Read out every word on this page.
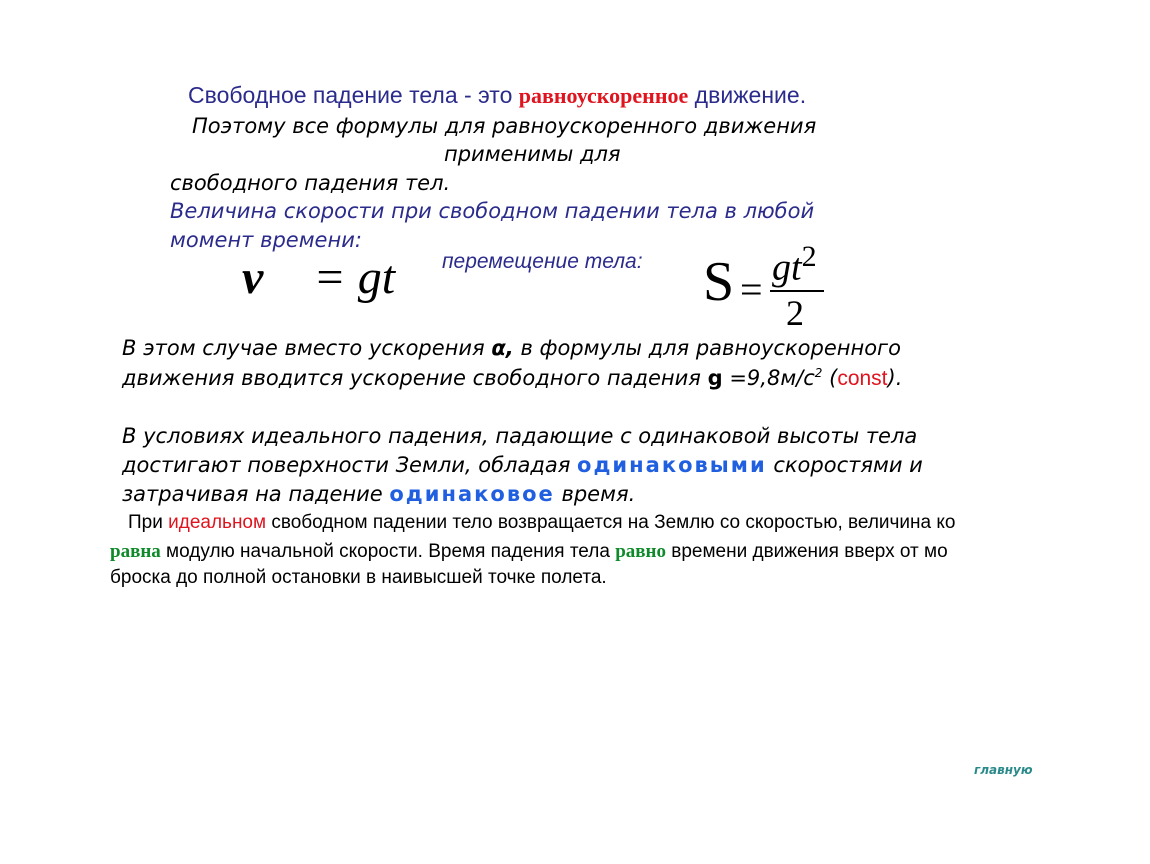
Свободное падение тела - это равноускоренное движение.
Поэтому все формулы для равноускоренного движения
применимы для
свободного падения тел.
Величина скорости при свободном падении тела в любой
момент времени:
v = gt перемещение тела: $S = gt^2$
2
В этом случае вместо ускорения α, в формулы для равноускоренного
движения вводится ускорение свободного падения $g =9,8м/с^2$ (const).
В условиях идеального падения, падающие с одинаковой высоты тела
достигают поверхности Земли, обладая одинаковыми скоростями и
затрачивая на падение одинаковое время.
При идеальном свободном падении тело возвращается на Землю со скоростью, величина ко
равна модулю начальной скорости. Время падения тела равно времени движения вверх от мо
броска до полной остановки в наивысшей точке полета.
главную
